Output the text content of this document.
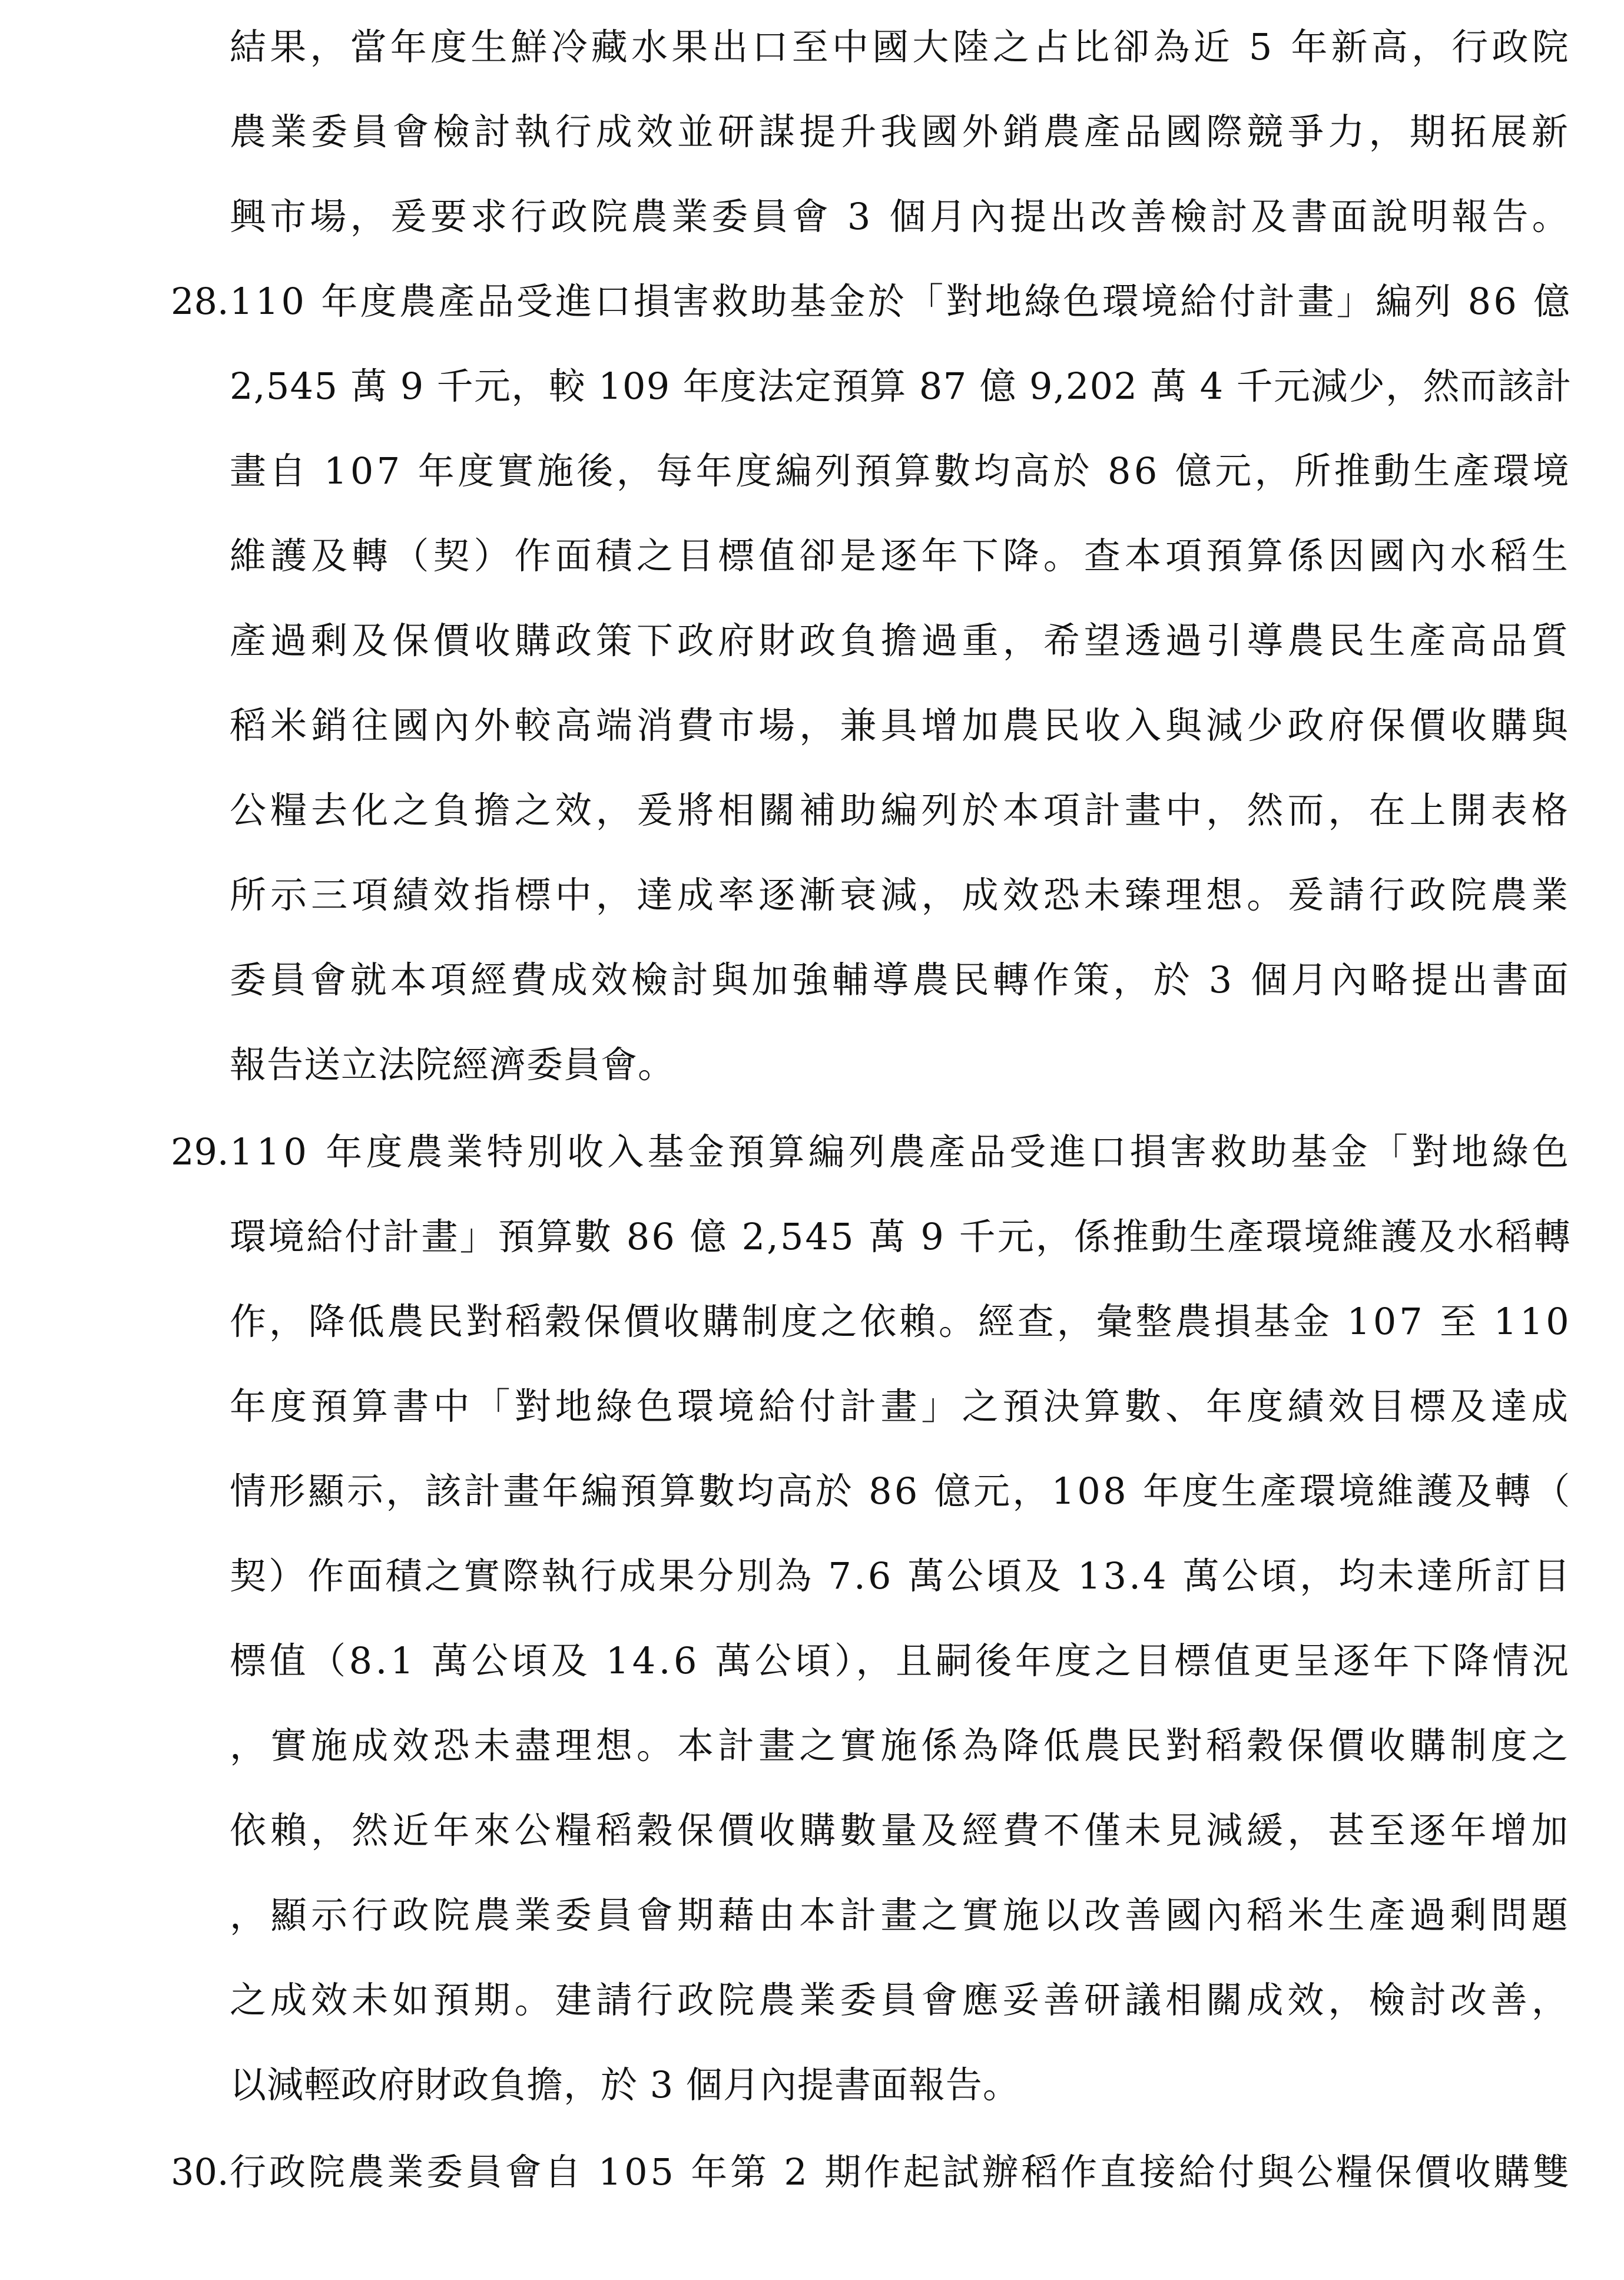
結果，當年度生鮮冷藏水果出口至中國大陸之占比卻為近 5 年新高，行政院
農業委員會檢討執行成效並研謀提升我國外銷農產品國際競爭力，期拓展新
興市場，爰要求行政院農業委員會 3 個月內提出改善檢討及書面說明報告。
28. 110 年度農產品受進口損害救助基金於「對地綠色環境給付計畫」編列 86 億
2,545 萬 9 千元，較 109 年度法定預算 87 億 9,202 萬 4 千元減少，然而該計
畫自 107 年度實施後，每年度編列預算數均高於 86 億元，所推動生產環境
維護及轉（契）作面積之目標值卻是逐年下降。查本項預算係因國內水稻生
產過剩及保價收購政策下政府財政負擔過重，希望透過引導農民生產高品質
稻米銷往國內外較高端消費市場，兼具增加農民收入與減少政府保價收購與
公糧去化之負擔之效，爰將相關補助編列於本項計畫中，然而，在上開表格
所示三項績效指標中，達成率逐漸衰減，成效恐未臻理想。爰請行政院農業
委員會就本項經費成效檢討與加強輔導農民轉作策，於 3 個月內略提出書面
報告送立法院經濟委員會。
29. 110 年度農業特別收入基金預算編列農產品受進口損害救助基金「對地綠色
環境給付計畫」預算數 86 億 2,545 萬 9 千元，係推動生產環境維護及水稻轉
作，降低農民對稻穀保價收購制度之依賴。經查，彙整農損基金 107 至 110
年度預算書中「對地綠色環境給付計畫」之預決算數、年度績效目標及達成
情形顯示，該計畫年編預算數均高於 86 億元，108 年度生產環境維護及轉（
契）作面積之實際執行成果分別為 7.6 萬公頃及 13.4 萬公頃，均未達所訂目
標值（8.1 萬公頃及 14.6 萬公頃），且嗣後年度之目標值更呈逐年下降情況
，實施成效恐未盡理想。本計畫之實施係為降低農民對稻穀保價收購制度之
依賴，然近年來公糧稻穀保價收購數量及經費不僅未見減緩，甚至逐年增加
，顯示行政院農業委員會期藉由本計畫之實施以改善國內稻米生產過剩問題
之成效未如預期。建請行政院農業委員會應妥善研議相關成效，檢討改善，
以減輕政府財政負擔，於 3 個月內提書面報告。
30. 行政院農業委員會自 105 年第 2 期作起試辦稻作直接給付與公糧保價收購雙
